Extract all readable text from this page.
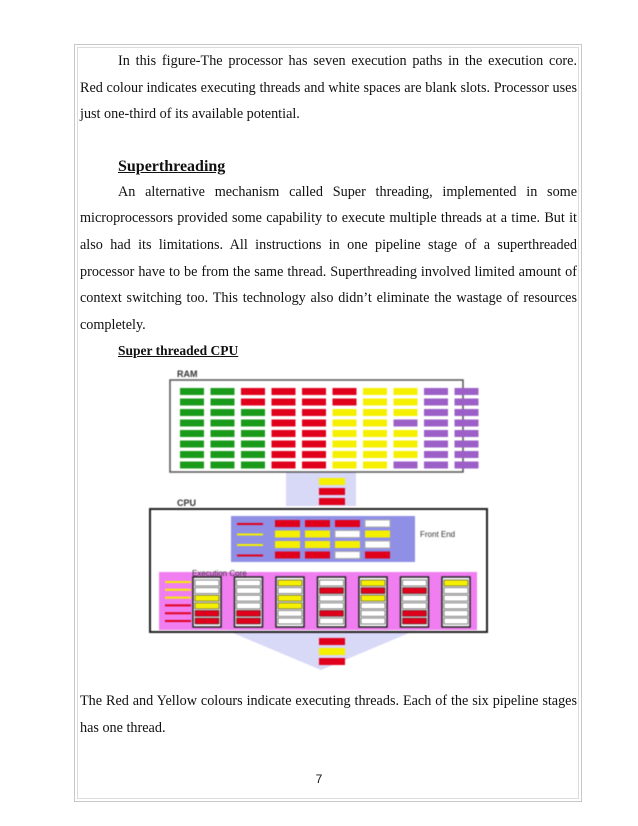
In this figure-The processor has seven execution paths in the execution core. Red colour indicates executing threads and white spaces are blank slots. Processor uses just one-third of its available potential.

Superthreading

An alternative mechanism called Super threading, implemented in some microprocessors provided some capability to execute multiple threads at a time. But it also had its limitations. All instructions in one pipeline stage of a superthreaded processor have to be from the same thread. Superthreading involved limited amount of context switching too. This technology also didn’t eliminate the wastage of resources completely.

Super threaded CPU
RAM
CPU
Front End
Execution Core

The Red and Yellow colours indicate executing threads. Each of the six pipeline stages has one thread.

7
